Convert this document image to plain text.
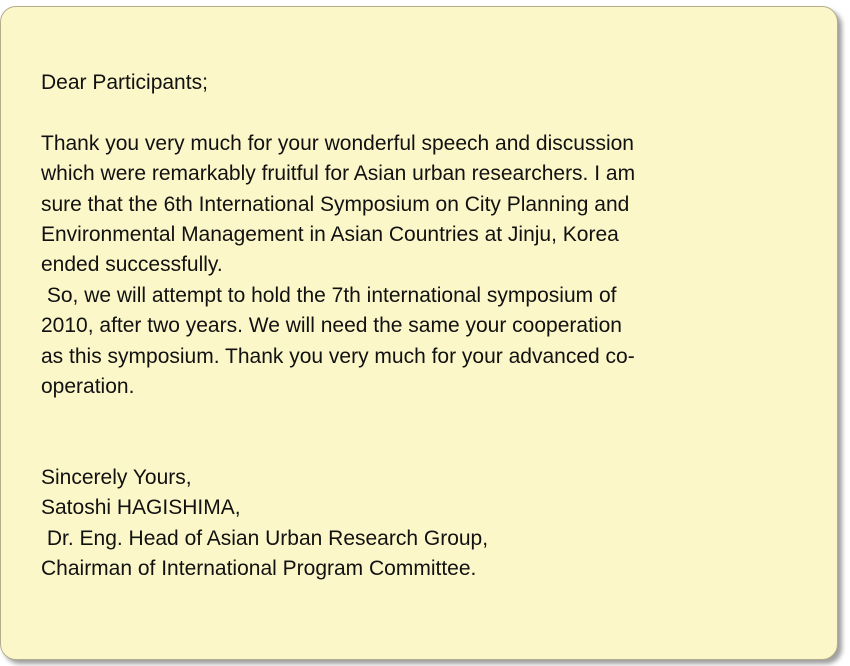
Dear Participants;
Thank you very much for your wonderful speech and discussion
which were remarkably fruitful for Asian urban researchers. I am
sure that the 6th International Symposium on City Planning and
Environmental Management in Asian Countries at Jinju, Korea
ended successfully.
So, we will attempt to hold the 7th international symposium of
2010, after two years. We will need the same your cooperation
as this symposium. Thank you very much for your advanced co-
operation.
Sincerely Yours,
Satoshi HAGISHIMA,
Dr. Eng. Head of Asian Urban Research Group,
Chairman of International Program Committee.
